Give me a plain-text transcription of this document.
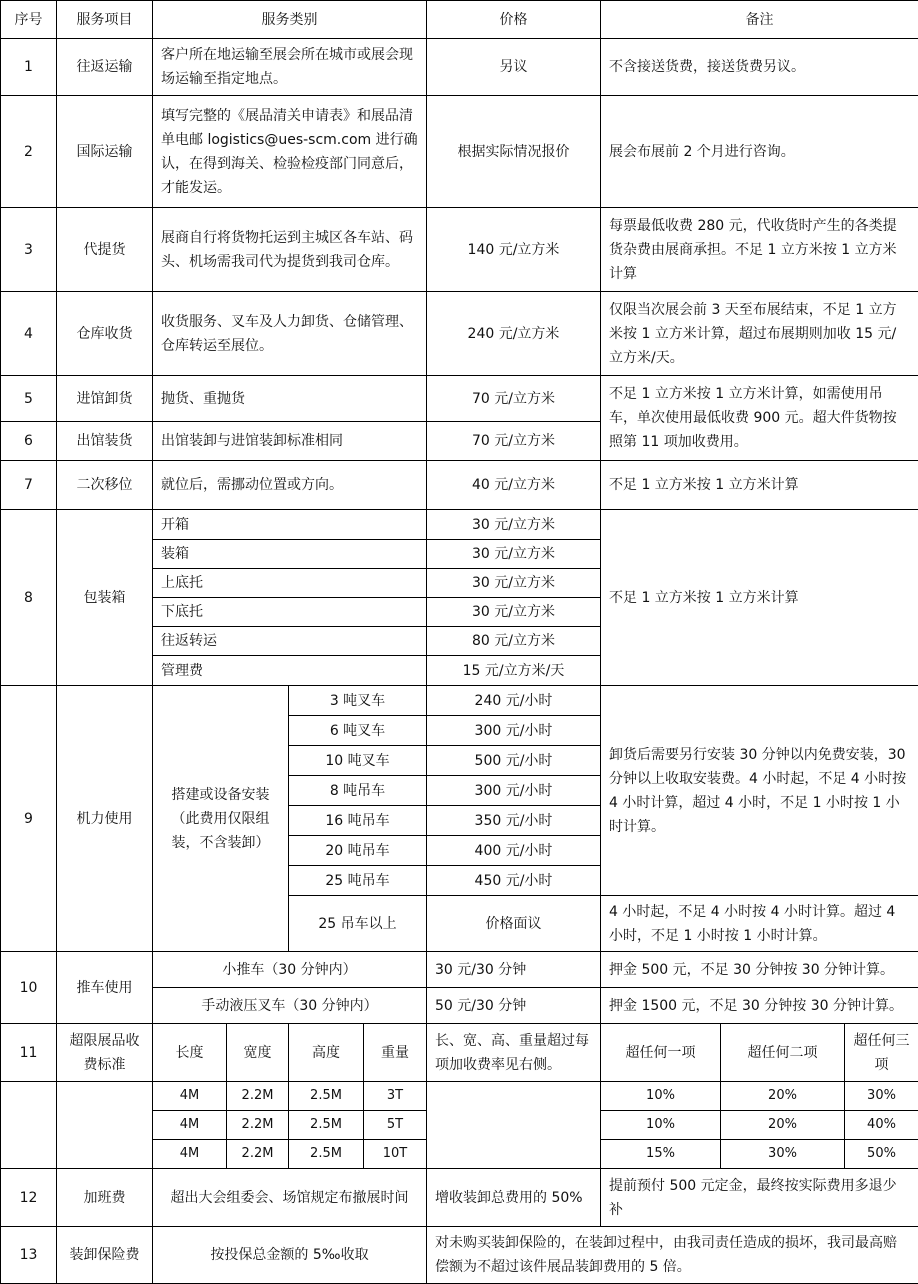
序号	服务项目	服务类别				价格	备注		
1	往返运输	客户所在地运输至展会所在城市或展会现场运输至指定地点。				另议	不含接送货费，接送货费另议。		
2	国际运输	填写完整的《展品清关申请表》和展品清单电邮 logistics@ues-scm.com 进行确认，在得到海关、检验检疫部门同意后，才能发运。				根据实际情况报价	展会布展前 2 个月进行咨询。		
3	代提货	展商自行将货物托运到主城区各车站、码头、机场需我司代为提货到我司仓库。				140 元/立方米	每票最低收费 280 元，代收货时产生的各类提货杂费由展商承担。不足 1 立方米按 1 立方米计算		
4	仓库收货	收货服务、叉车及人力卸货、仓储管理、仓库转运至展位。				240 元/立方米	仅限当次展会前 3 天至布展结束，不足 1 立方米按 1 立方米计算，超过布展期则加收 15 元/立方米/天。		
5	进馆卸货	抛货、重抛货				70 元/立方米	不足 1 立方米按 1 立方米计算，如需使用吊车，单次使用最低收费 900 元。超大件货物按照第 11 项加收费用。		
6	出馆装货	出馆装卸与进馆装卸标准相同				70 元/立方米			
7	二次移位	就位后，需挪动位置或方向。				40 元/立方米	不足 1 立方米按 1 立方米计算		
8	包装箱	开箱				30 元/立方米	不足 1 立方米按 1 立方米计算		
		装箱				30 元/立方米			
		上底托				30 元/立方米			
		下底托				30 元/立方米			
		往返转运				80 元/立方米			
		管理费				15 元/立方米/天			
9	机力使用	搭建或设备安装（此费用仅限组装，不含装卸）		3 吨叉车		240 元/小时	卸货后需要另行安装 30 分钟以内免费安装，30 分钟以上收取安装费。4 小时起，不足 4 小时按 4 小时计算，超过 4 小时，不足 1 小时按 1 小时计算。		
				6 吨叉车		300 元/小时			
				10 吨叉车		500 元/小时			
				8 吨吊车		300 元/小时			
				16 吨吊车		350 元/小时			
				20 吨吊车		400 元/小时			
				25 吨吊车		450 元/小时			
				25 吊车以上		价格面议	4 小时起，不足 4 小时按 4 小时计算。超过 4 小时，不足 1 小时按 1 小时计算。		
10	推车使用	小推车（30 分钟内）				30 元/30 分钟	押金 500 元，不足 30 分钟按 30 分钟计算。		
		手动液压叉车（30 分钟内）				50 元/30 分钟	押金 1500 元，不足 30 分钟按 30 分钟计算。		
11	超限展品收费标准	长度	宽度	高度	重量	长、宽、高、重量超过每项加收费率见右侧。	超任何一项	超任何二项	超任何三项
		4M	2.2M	2.5M	3T		10%	20%	30%
		4M	2.2M	2.5M	5T		10%	20%	40%
		4M	2.2M	2.5M	10T		15%	30%	50%
12	加班费	超出大会组委会、场馆规定布撤展时间				增收装卸总费用的 50%	提前预付 500 元定金，最终按实际费用多退少补		
13	装卸保险费	按投保总金额的 5‰收取				对未购买装卸保险的，在装卸过程中，由我司责任造成的损坏，我司最高赔偿额为不超过该件展品装卸费用的 5 倍。			
